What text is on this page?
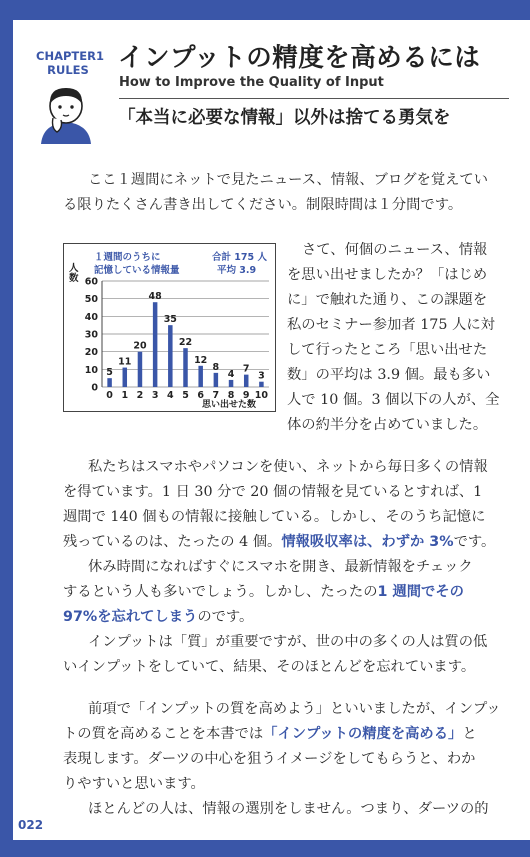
CHAPTER1
RULES	インプットの精度を高めるには
How to Improve the Quality of Input
「本当に必要な情報」以外は捨てる勇気を
ここ１週間にネットで見たニュース、情報、ブログを覚えてい
る限りたくさん書き出してください。制限時間は１分間です。
0
10
20
30
40
50
60
5
0
11
1
20
2
48
3
35
4
22
5
12
6
8
7
4
8
7
9
3
10
１週間のうちに
記憶している情報量
合計 175 人
平均 3.9
人数
思い出せた数
さて、何個のニュース、情報
を思い出せましたか？「はじめ
に」で触れた通り、この課題を
私のセミナー参加者 175 人に対
して行ったところ「思い出せた
数」の平均は 3.9 個。最も多い
人で 10 個。3 個以下の人が、全
体の約半分を占めていました。
私たちはスマホやパソコンを使い、ネットから毎日多くの情報
を得ています。1 日 30 分で 20 個の情報を見ているとすれば、1
週間で 140 個もの情報に接触している。しかし、そのうち記憶に
残っているのは、たったの 4 個。情報吸収率は、わずか 3%です。
休み時間になればすぐにスマホを開き、最新情報をチェック
するという人も多いでしょう。しかし、たったの1 週間でその
97%を忘れてしまうのです。
インプットは「質」が重要ですが、世の中の多くの人は質の低
いインプットをしていて、結果、そのほとんどを忘れています。
前項で「インプットの質を高めよう」といいましたが、インプッ
トの質を高めることを本書では「インプットの精度を高める」と
表現します。ダーツの中心を狙うイメージをしてもらうと、わか
りやすいと思います。
ほとんどの人は、情報の選別をしません。つまり、ダーツの的
022
